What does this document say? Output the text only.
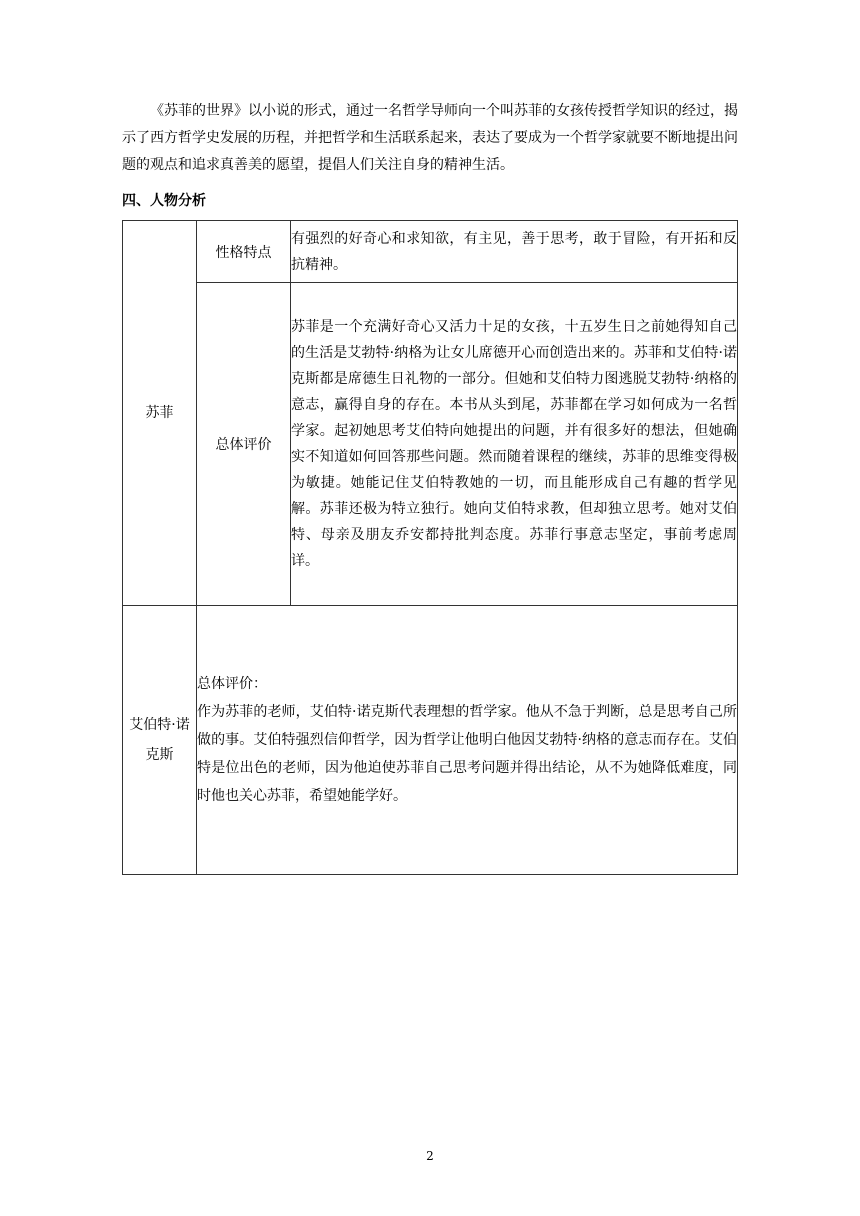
《苏菲的世界》以小说的形式，通过一名哲学导师向一个叫苏菲的女孩传授哲学知识的经过，揭示了西方哲学史发展的历程，并把哲学和生活联系起来，表达了要成为一个哲学家就要不断地提出问题的观点和追求真善美的愿望，提倡人们关注自身的精神生活。

四、人物分析

苏菲	性格特点	有强烈的好奇心和求知欲，有主见，善于思考，敢于冒险，有开拓和反抗精神。
	总体评价	苏菲是一个充满好奇心又活力十足的女孩，十五岁生日之前她得知自己的生活是艾勃特·纳格为让女儿席德开心而创造出来的。苏菲和艾伯特·诺克斯都是席德生日礼物的一部分。但她和艾伯特力图逃脱艾勃特·纳格的意志，赢得自身的存在。本书从头到尾，苏菲都在学习如何成为一名哲学家。起初她思考艾伯特向她提出的问题，并有很多好的想法，但她确实不知道如何回答那些问题。然而随着课程的继续，苏菲的思维变得极为敏捷。她能记住艾伯特教她的一切，而且能形成自己有趣的哲学见解。苏菲还极为特立独行。她向艾伯特求教，但却独立思考。她对艾伯特、母亲及朋友乔安都持批判态度。苏菲行事意志坚定，事前考虑周详。
艾伯特·诺克斯	总体评价：
作为苏菲的老师，艾伯特·诺克斯代表理想的哲学家。他从不急于判断，总是思考自己所做的事。艾伯特强烈信仰哲学，因为哲学让他明白他因艾勃特·纳格的意志而存在。艾伯特是位出色的老师，因为他迫使苏菲自己思考问题并得出结论，从不为她降低难度，同时他也关心苏菲，希望她能学好。	
2
